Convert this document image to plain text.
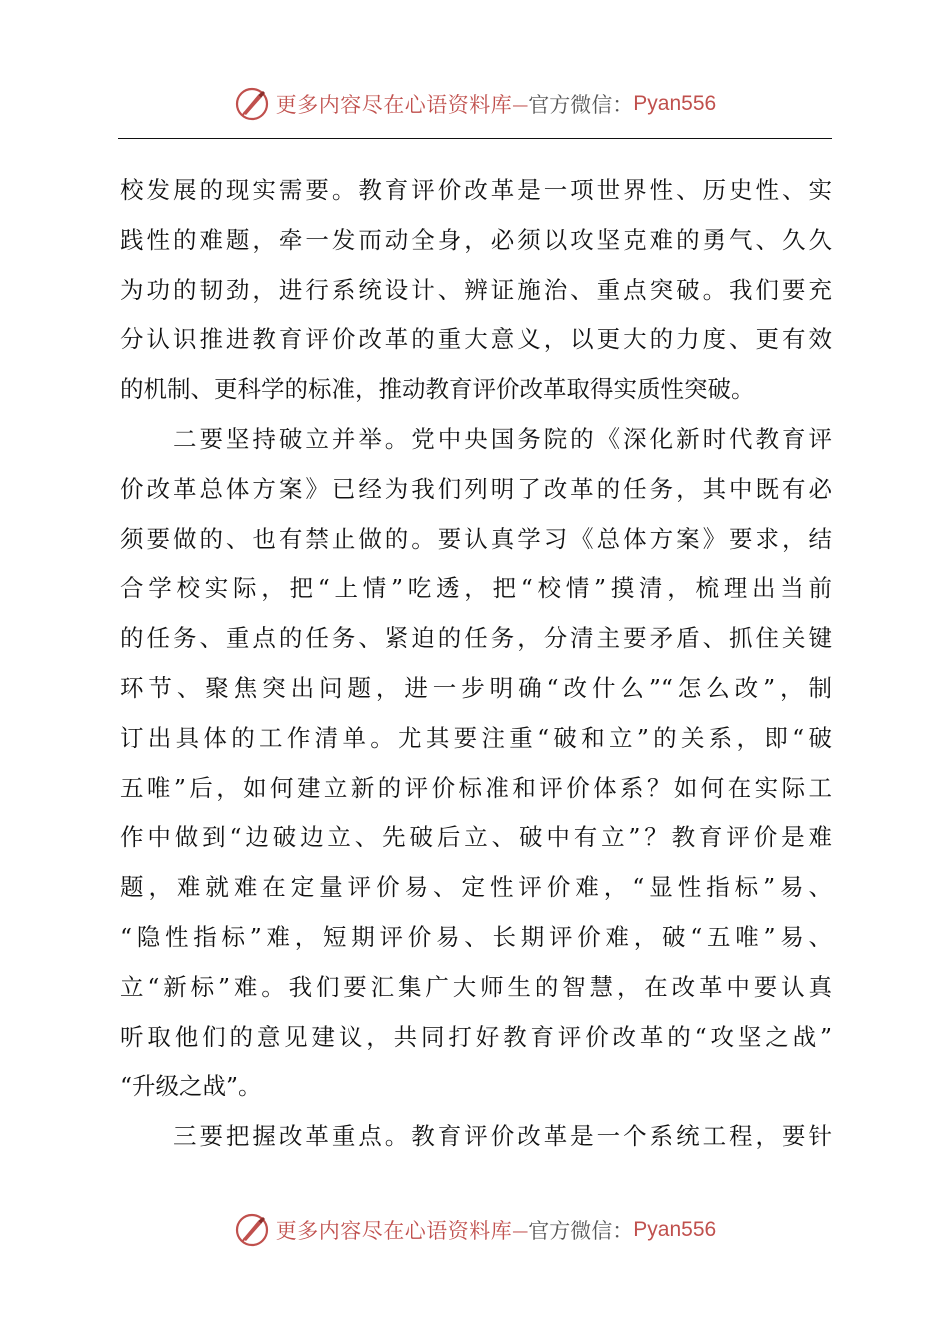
更多内容尽在心语资料库 — 官方微信： Pyan556
校发展的现实需要。教育评价改革是一项世界性、历史性、实
践性的难题，牵一发而动全身，必须以攻坚克难的勇气、久久
为功的韧劲，进行系统设计、辨证施治、重点突破。我们要充
分认识推进教育评价改革的重大意义，以更大的力度、更有效
的机制、更科学的标准，推动教育评价改革取得实质性突破。
　　二要坚持破立并举。党中央国务院的《深化新时代教育评
价改革总体方案》已经为我们列明了改革的任务，其中既有必
须要做的、也有禁止做的。要认真学习《总体方案》要求，结
合学校实际，把“上情”吃透，把“校情”摸清，梳理出当前
的任务、重点的任务、紧迫的任务，分清主要矛盾、抓住关键
环节、聚焦突出问题，进一步明确“改什么”“怎么改”，制
订出具体的工作清单。尤其要注重“破和立”的关系，即“破
五唯”后，如何建立新的评价标准和评价体系？如何在实际工
作中做到“边破边立、先破后立、破中有立”？教育评价是难
题，难就难在定量评价易、定性评价难，“显性指标”易、
“隐性指标”难，短期评价易、长期评价难，破“五唯”易、
立“新标”难。我们要汇集广大师生的智慧，在改革中要认真
听取他们的意见建议，共同打好教育评价改革的“攻坚之战”
“升级之战”。
　　三要把握改革重点。教育评价改革是一个系统工程，要针
更多内容尽在心语资料库 — 官方微信： Pyan556
